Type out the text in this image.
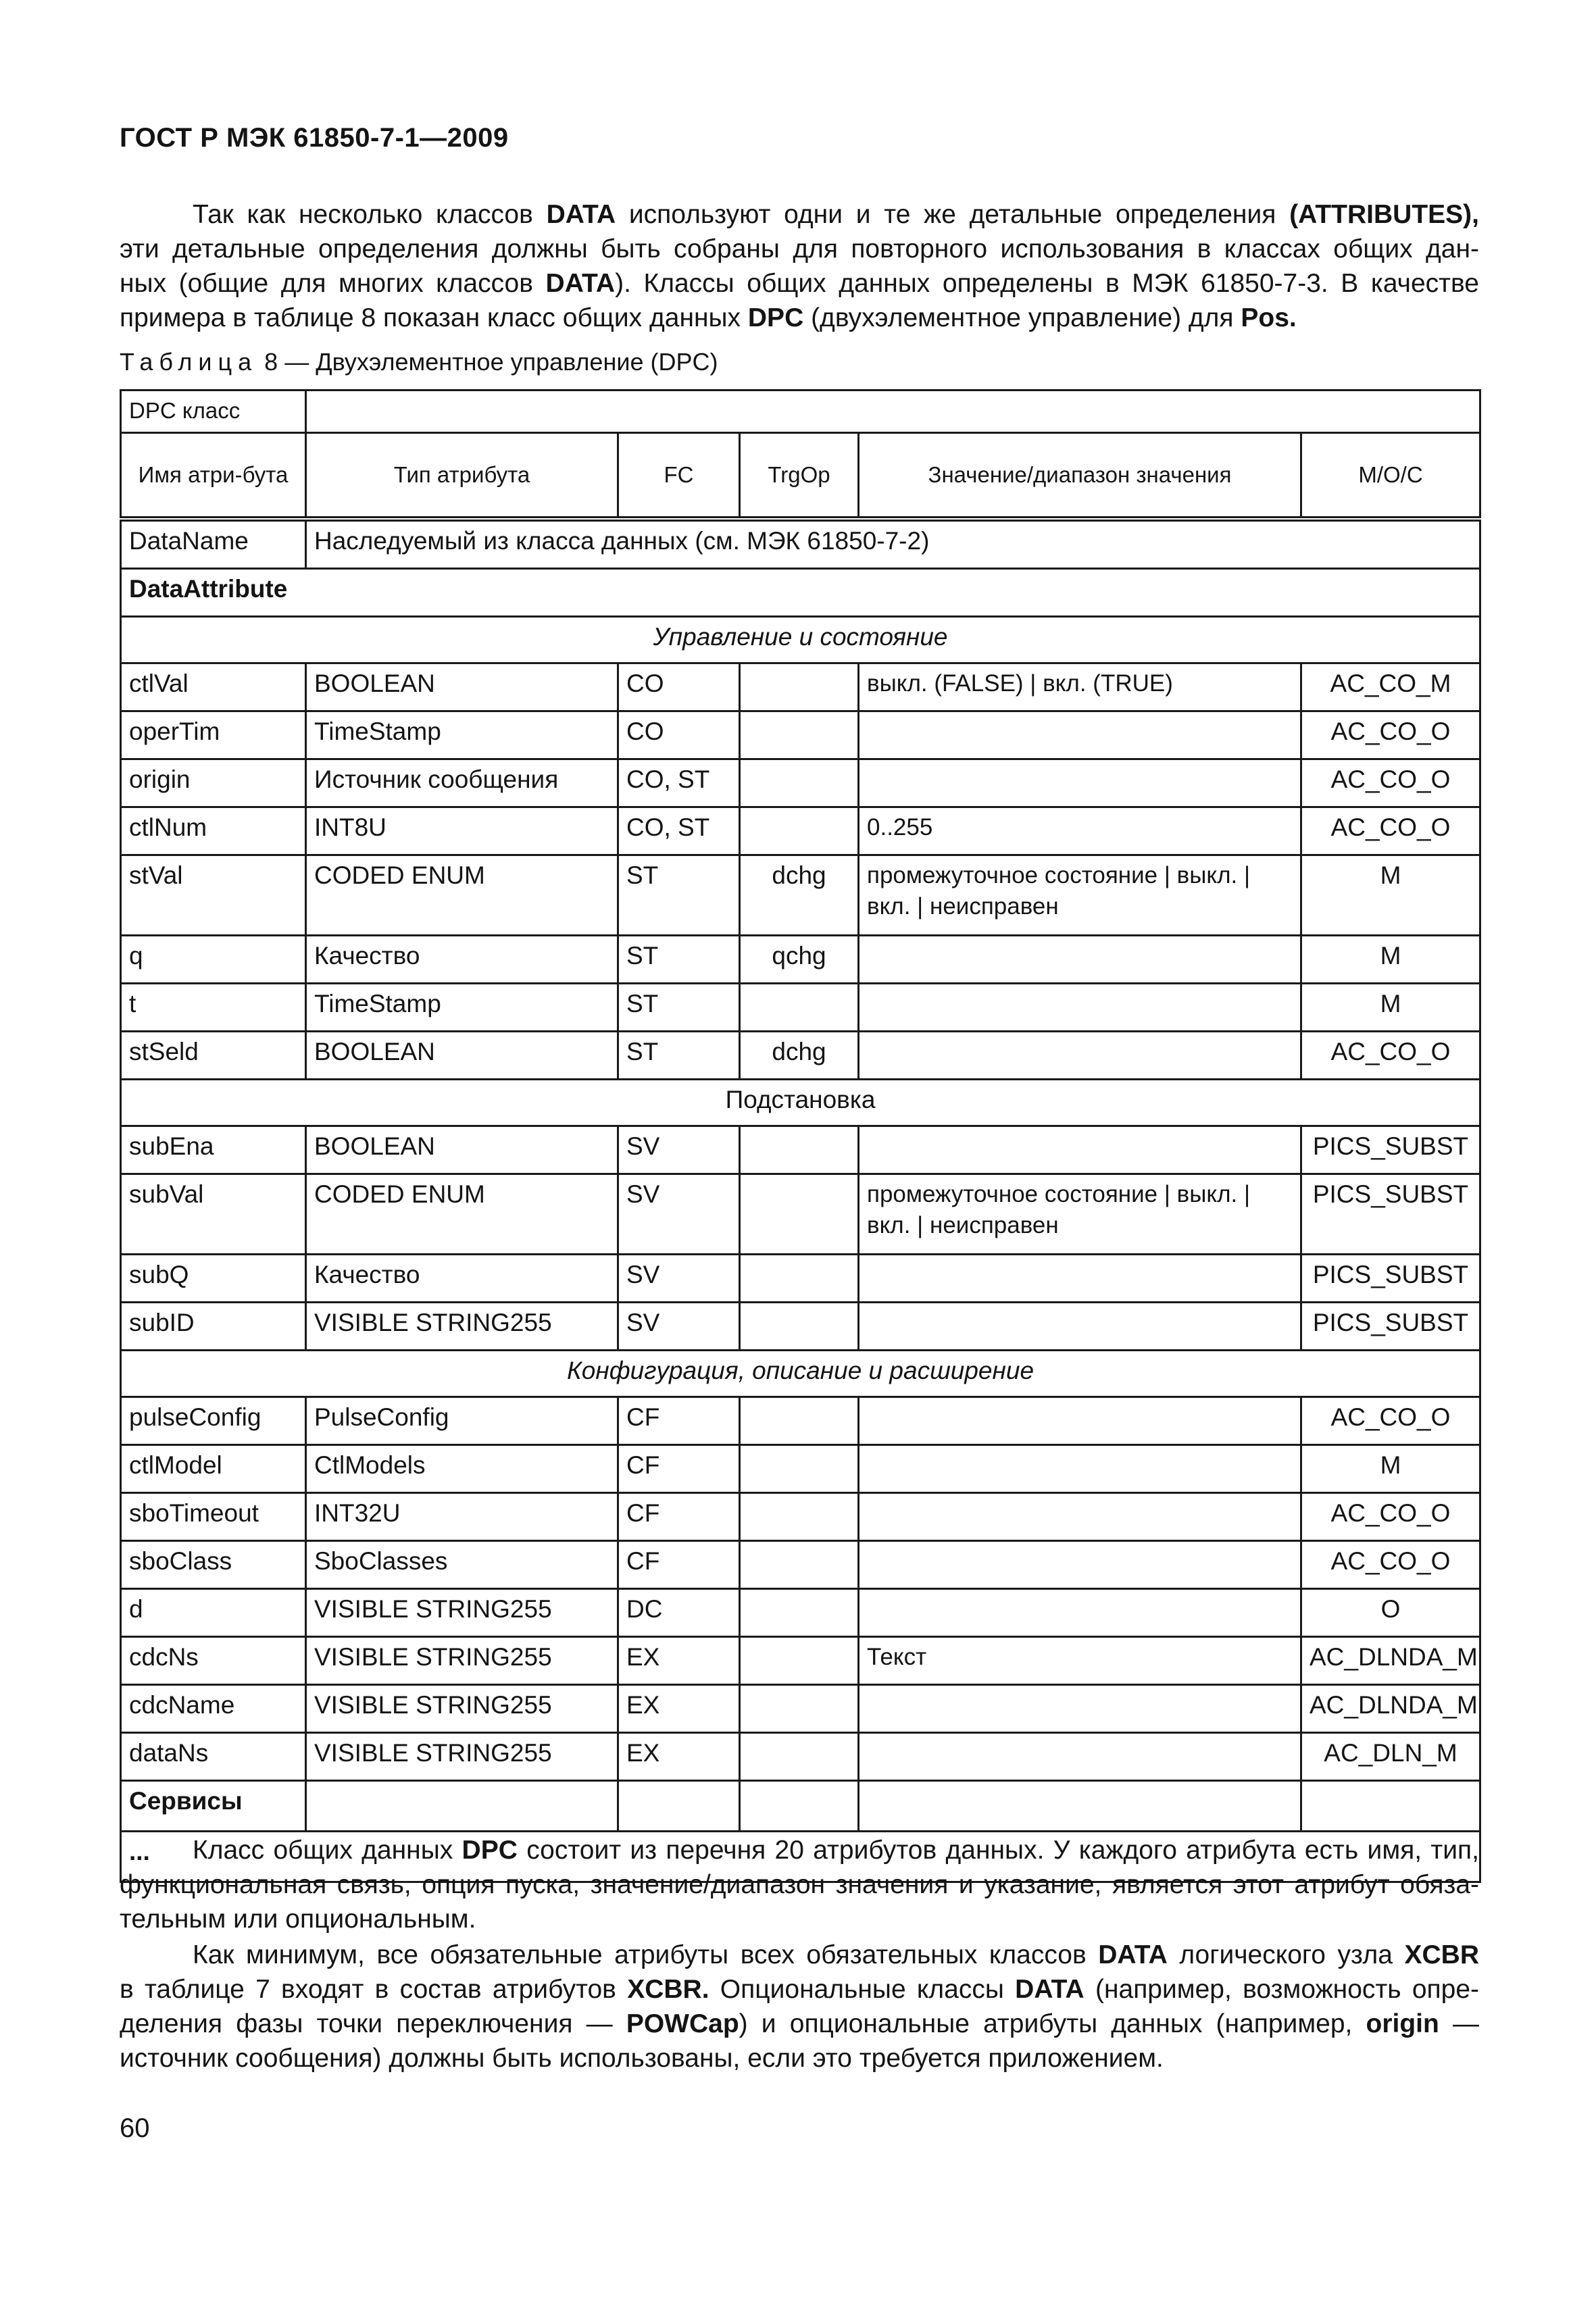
ГОСТ Р МЭК 61850-7-1—2009
Так как несколько классов DATA используют одни и те же детальные определения (ATTRIBUTES),
эти детальные определения должны быть собраны для повторного использования в классах общих дан-
ных (общие для многих классов DATA). Классы общих данных определены в МЭК 61850-7-3. В качестве
примера в таблице 8 показан класс общих данных DPC (двухэлементное управление) для Pos.
Таблица 8 — Двухэлементное управление (DPC)
DPC класс					
Имя атри-бута	Тип атрибута	FC	TrgOp	Значение/диапазон значения	M/O/C
DataName	Наследуемый из класса данных (см. МЭК 61850-7-2)				
DataAttribute					
Управление и состояние					
ctlVal	BOOLEAN	CO		выкл. (FALSE) | вкл. (TRUE)	AC_CO_M
operTim	TimeStamp	CO			AC_CO_O
origin	Источник сообщения	CO, ST			AC_CO_O
ctlNum	INT8U	CO, ST		0..255	AC_CO_O
stVal	CODED ENUM	ST	dchg	промежуточное состояние | выкл. | вкл. | неисправен	M
q	Качество	ST	qchg		M
t	TimeStamp	ST			M
stSeld	BOOLEAN	ST	dchg		AC_CO_O
Подстановка					
subEna	BOOLEAN	SV			PICS_SUBST
subVal	CODED ENUM	SV		промежуточное состояние | выкл. | вкл. | неисправен	PICS_SUBST
subQ	Качество	SV			PICS_SUBST
subID	VISIBLE STRING255	SV			PICS_SUBST
Конфигурация, описание и расширение					
pulseConfig	PulseConfig	CF			AC_CO_O
ctlModel	CtlModels	CF			M
sboTimeout	INT32U	CF			AC_CO_O
sboClass	SboClasses	CF			AC_CO_O
d	VISIBLE STRING255	DC			O
cdcNs	VISIBLE STRING255	EX		Текст	AC_DLNDA_M
cdcName	VISIBLE STRING255	EX			AC_DLNDA_M
dataNs	VISIBLE STRING255	EX			AC_DLN_M
Сервисы					
...						Класс общих данных DPC состоит из перечня 20 атрибутов данных. У каждого атрибута есть имя, тип,
функциональная связь, опция пуска, значение/диапазон значения и указание, является этот атрибут обяза-
тельным или опциональным.
Как минимум, все обязательные атрибуты всех обязательных классов DATA логического узла XCBR
в таблице 7 входят в состав атрибутов XCBR. Опциональные классы DATA (например, возможность опре-
деления фазы точки переключения — POWCap) и опциональные атрибуты данных (например, origin —
источник сообщения) должны быть использованы, если это требуется приложением.
60
